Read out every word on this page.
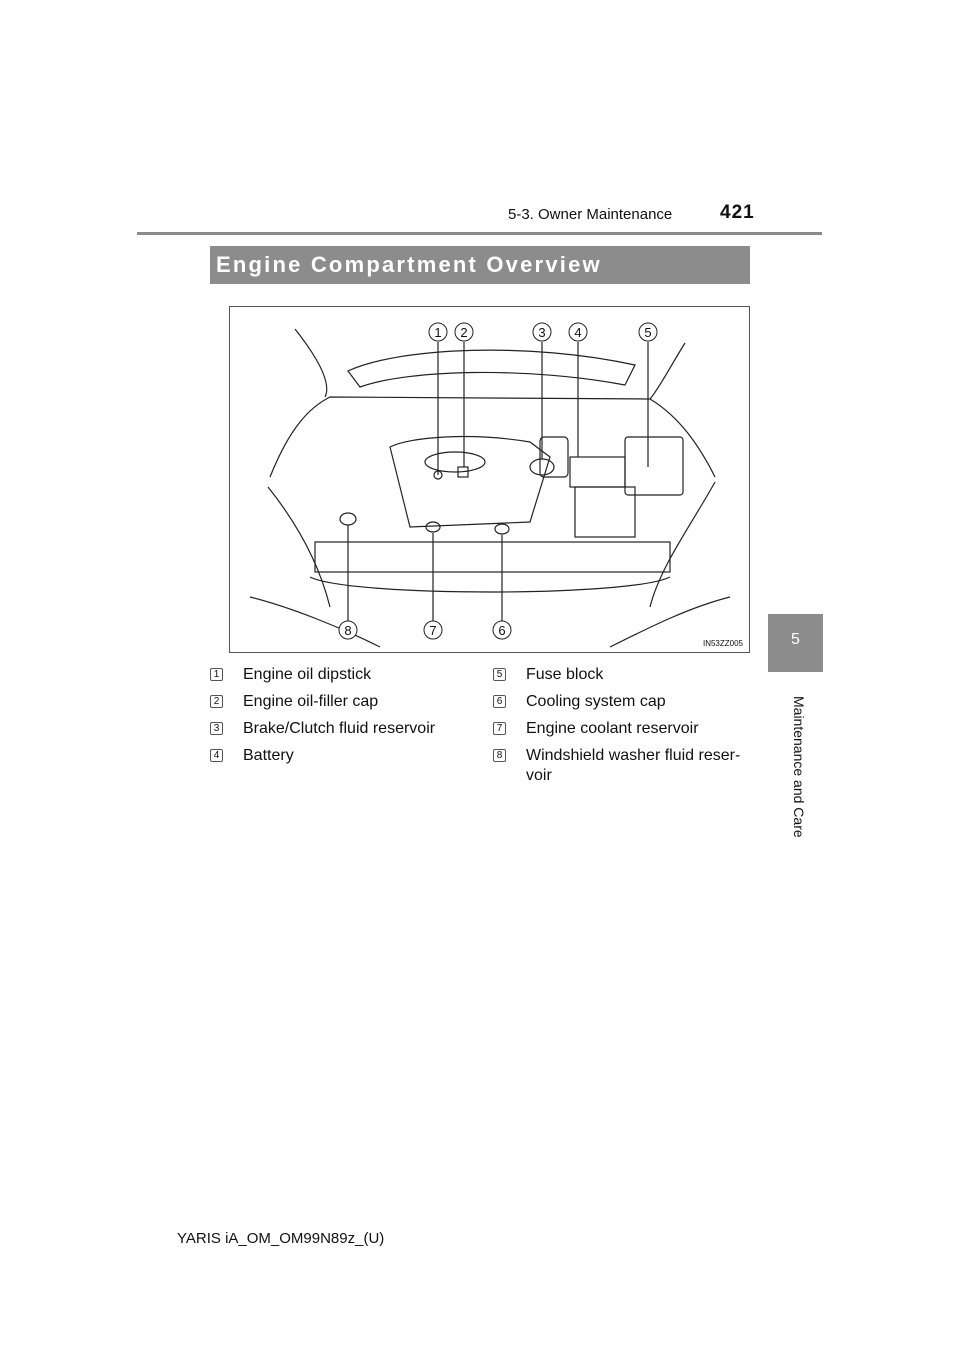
5-3. Owner Maintenance	421
Engine Compartment Overview
1 2	3 4	5
6
7
8
IN53ZZ005
1 Engine oil dipstick
2 Engine oil-filler cap
3 Brake/Clutch fluid reservoir
4 Battery
5 Fuse block
6 Cooling system cap
7 Engine coolant reservoir
8 Windshield washer fluid reser-
voir
5
Maintenance and Care
YARIS iA_OM_OM99N89z_(U)
